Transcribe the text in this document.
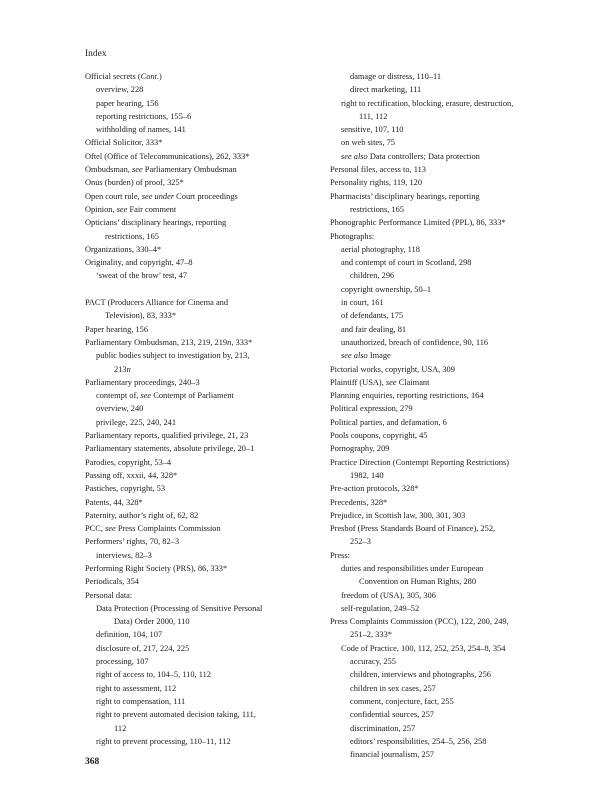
Index
Official secrets (Cont.)
overview, 228
paper hearing, 156
reporting restrictions, 155–6
withholding of names, 141
Official Solicitor, 333*
Oftel (Office of Telecommunications), 262, 333*
Ombudsman, see Parliamentary Ombudsman
Onus (burden) of proof, 325*
Open court rule, see under Court proceedings
Opinion, see Fair comment
Opticians’ disciplinary hearings, reporting
restrictions, 165
Organizations, 330–4*
Originality, and copyright, 47–8
‘sweat of the brow’ test, 47
PACT (Producers Alliance for Cinema and
Television), 83, 333*
Paper hearing, 156
Parliamentary Ombudsman, 213, 219, 219n, 333*
public bodies subject to investigation by, 213,
213n
Parliamentary proceedings, 240–3
contempt of, see Contempt of Parliament
overview, 240
privilege, 225, 240, 241
Parliamentary reports, qualified privilege, 21, 23
Parliamentary statements, absolute privilege, 20–1
Parodies, copyright, 53–4
Passing off, xxxii, 44, 328*
Pastiches, copyright, 53
Patents, 44, 328*
Paternity, author’s right of, 62, 82
PCC, see Press Complaints Commission
Performers’ rights, 70, 82–3
interviews, 82–3
Performing Right Society (PRS), 86, 333*
Periodicals, 354
Personal data:
Data Protection (Processing of Sensitive Personal
Data) Order 2000, 110
definition, 104, 107
disclosure of, 217, 224, 225
processing, 107
right of access to, 104–5, 110, 112
right to assessment, 112
right to compensation, 111
right to prevent automated decision taking, 111,
112
right to prevent processing, 110–11, 112
damage or distress, 110–11
direct marketing, 111
right to rectification, blocking, erasure, destruction,
111, 112
sensitive, 107, 110
on web sites, 75
see also Data controllers; Data protection
Personal files, access to, 113
Personality rights, 119, 120
Pharmacists’ disciplinary hearings, reporting
restrictions, 165
Phonographic Performance Limited (PPL), 86, 333*
Photographs:
aerial photography, 118
and contempt of court in Scotland, 298
children, 296
copyright ownership, 50–1
in court, 161
of defendants, 175
and fair dealing, 81
unauthorized, breach of confidence, 90, 116
see also Image
Pictorial works, copyright, USA, 309
Plaintiff (USA), see Claimant
Planning enquiries, reporting restrictions, 164
Political expression, 279
Political parties, and defamation, 6
Pools coupons, copyright, 45
Pornography, 209
Practice Direction (Contempt Reporting Restrictions)
1982, 140
Pre-action protocols, 328*
Precedents, 328*
Prejudice, in Scottish law, 300, 301, 303
Presbof (Press Standards Board of Finance), 252,
252–3
Press:
duties and responsibilities under European
Convention on Human Rights, 280
freedom of (USA), 305, 306
self-regulation, 249–52
Press Complaints Commission (PCC), 122, 200, 249,
251–2, 333*
Code of Practice, 100, 112, 252, 253, 254–8, 354
accuracy, 255
children, interviews and photographs, 256
children in sex cases, 257
comment, conjecture, fact, 255
confidential sources, 257
discrimination, 257
editors’ responsibilities, 254–5, 256, 258
financial journalism, 257
368
